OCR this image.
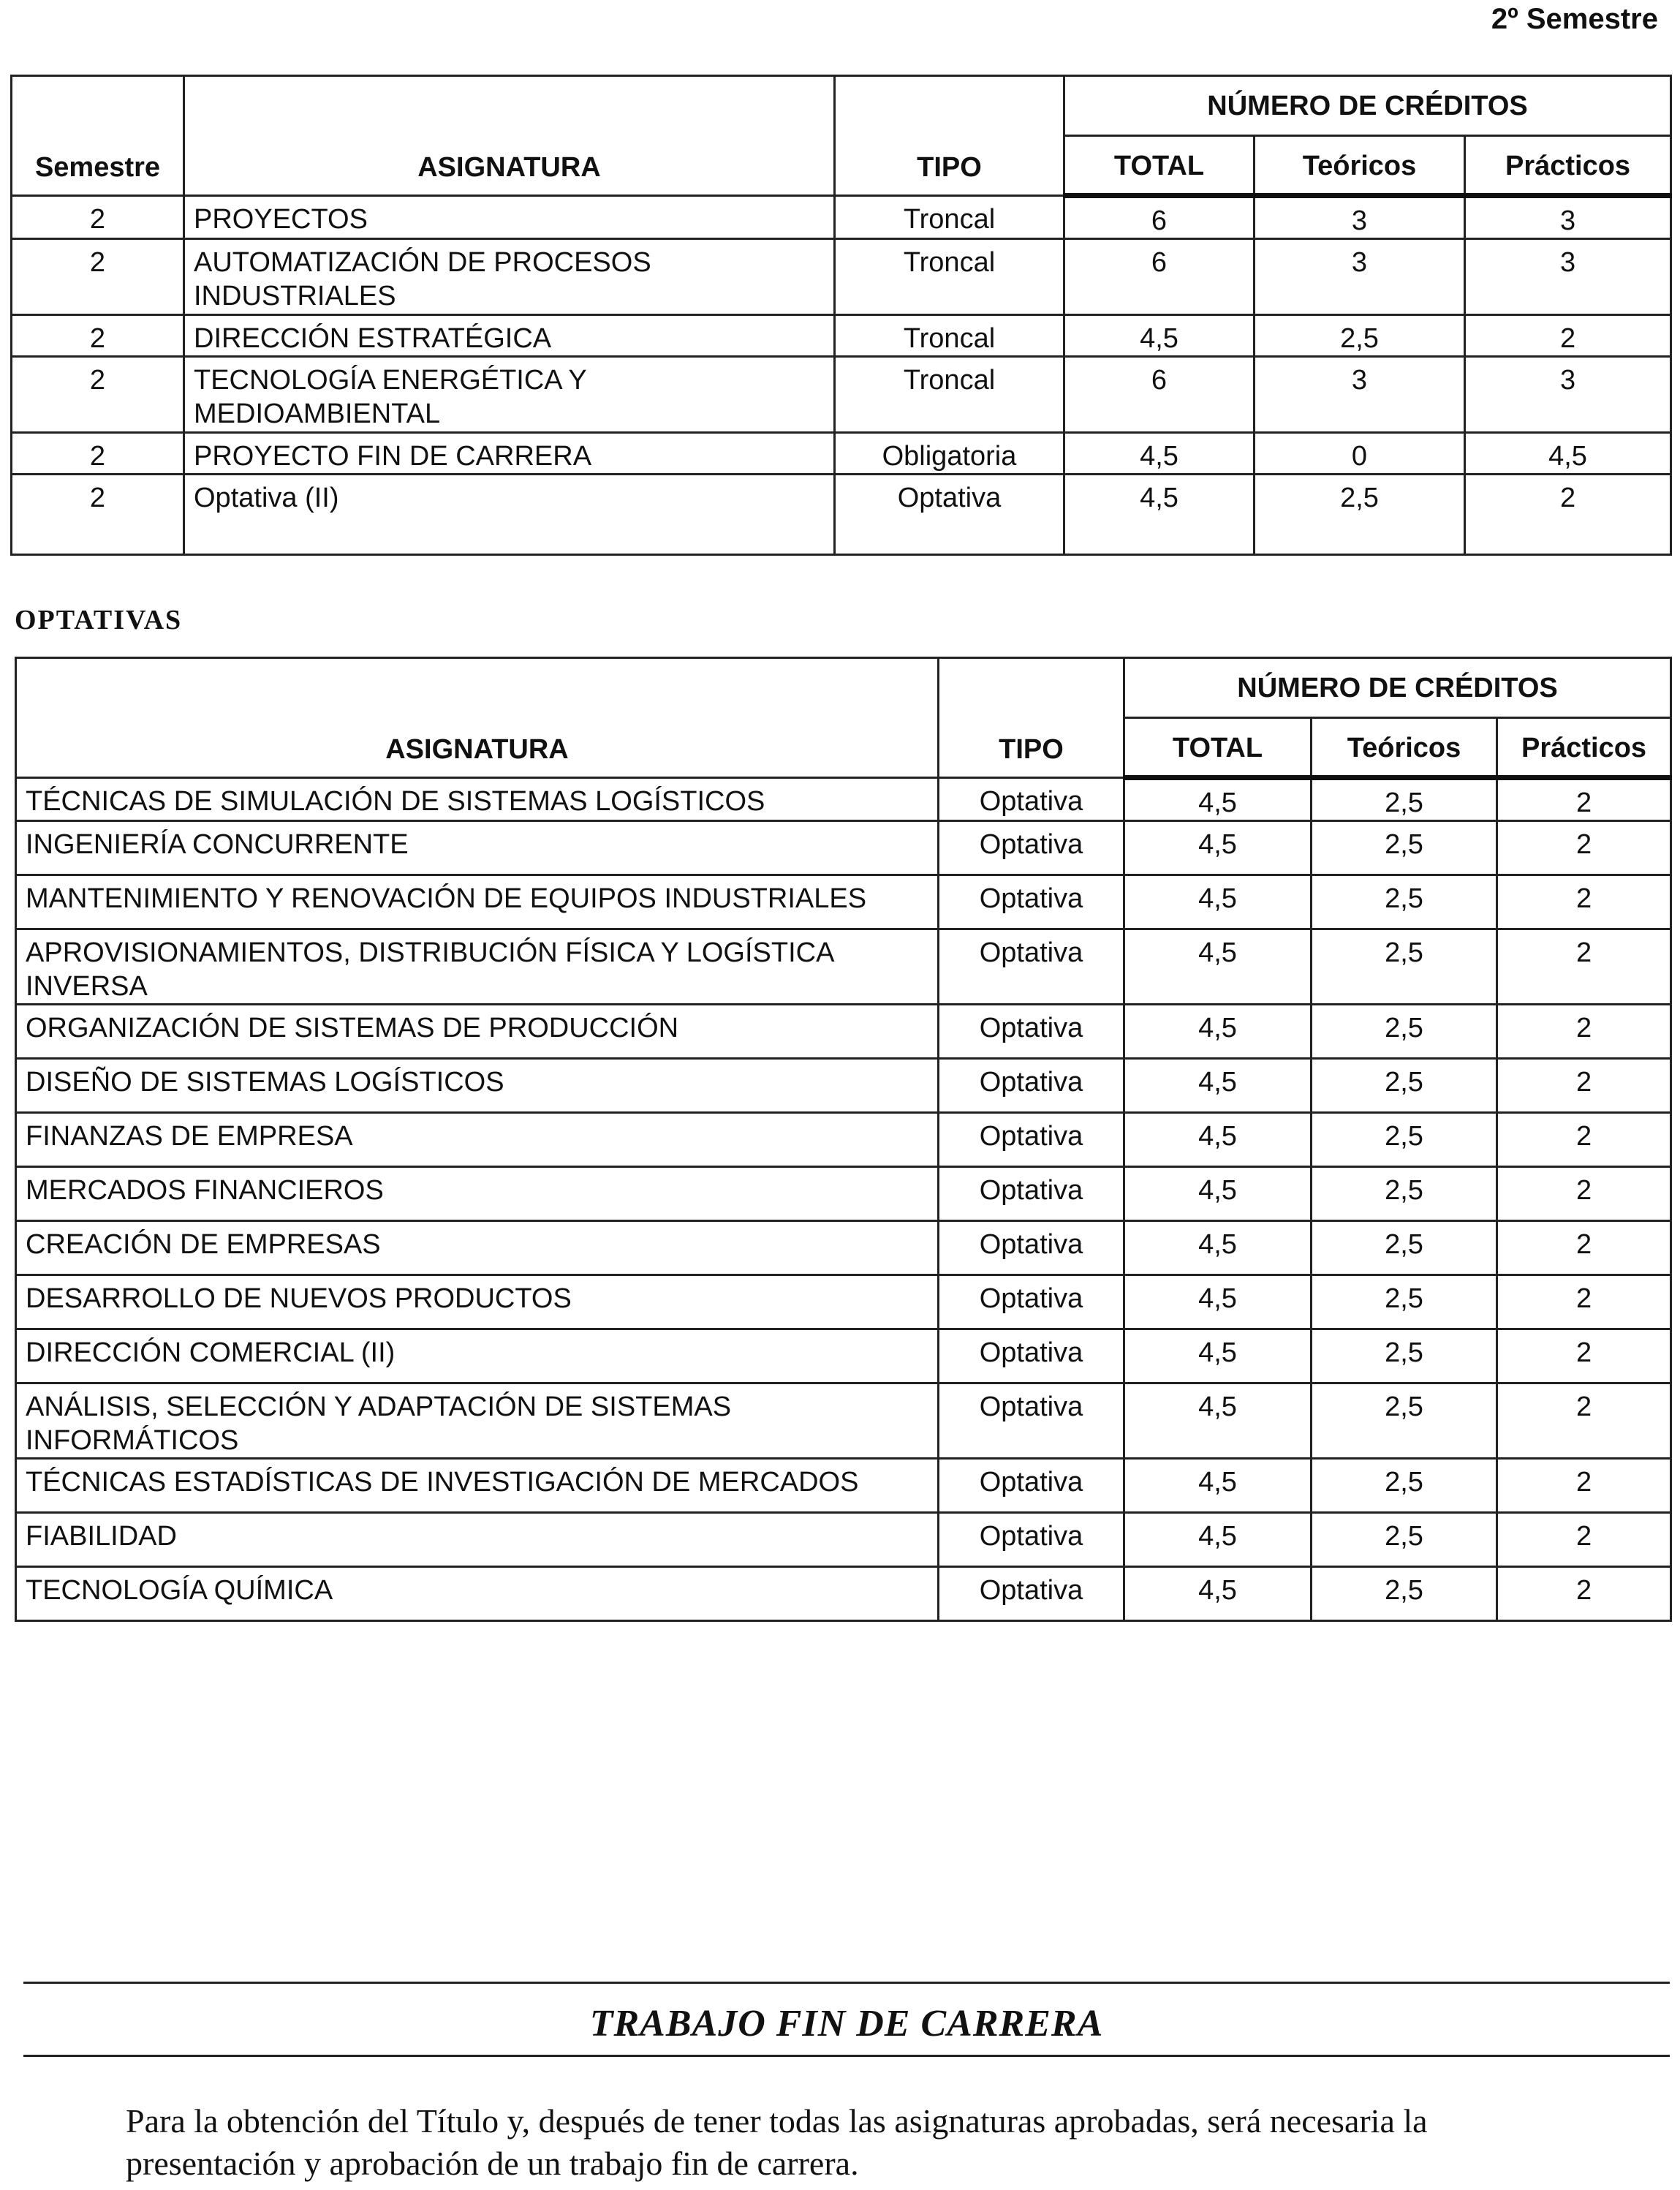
2º Semestre
Semestre	ASIGNATURA	TIPO	NÚMERO DE CRÉDITOS		
			TOTAL	Teóricos	Prácticos
2	PROYECTOS	Troncal	6	3	3
2	AUTOMATIZACIÓN DE PROCESOS INDUSTRIALES	Troncal	6	3	3
2	DIRECCIÓN ESTRATÉGICA	Troncal	4,5	2,5	2
2	TECNOLOGÍA ENERGÉTICA Y MEDIOAMBIENTAL	Troncal	6	3	3
2	PROYECTO FIN DE CARRERA	Obligatoria	4,5	0	4,5
2	Optativa (II)	Optativa	4,5	2,5	2
OPTATIVAS
ASIGNATURA	TIPO	NÚMERO DE CRÉDITOS		
		TOTAL	Teóricos	Prácticos
TÉCNICAS DE SIMULACIÓN DE SISTEMAS LOGÍSTICOS	Optativa	4,5	2,5	2
INGENIERÍA CONCURRENTE	Optativa	4,5	2,5	2
MANTENIMIENTO Y RENOVACIÓN DE EQUIPOS INDUSTRIALES	Optativa	4,5	2,5	2
APROVISIONAMIENTOS, DISTRIBUCIÓN FÍSICA Y LOGÍSTICA INVERSA	Optativa	4,5	2,5	2
ORGANIZACIÓN DE SISTEMAS DE PRODUCCIÓN	Optativa	4,5	2,5	2
DISEÑO DE SISTEMAS LOGÍSTICOS	Optativa	4,5	2,5	2
FINANZAS DE EMPRESA	Optativa	4,5	2,5	2
MERCADOS FINANCIEROS	Optativa	4,5	2,5	2
CREACIÓN DE EMPRESAS	Optativa	4,5	2,5	2
DESARROLLO DE NUEVOS PRODUCTOS	Optativa	4,5	2,5	2
DIRECCIÓN COMERCIAL (II)	Optativa	4,5	2,5	2
ANÁLISIS, SELECCIÓN Y ADAPTACIÓN DE SISTEMAS INFORMÁTICOS	Optativa	4,5	2,5	2
TÉCNICAS ESTADÍSTICAS DE INVESTIGACIÓN DE MERCADOS	Optativa	4,5	2,5	2
FIABILIDAD	Optativa	4,5	2,5	2
TECNOLOGÍA QUÍMICA	Optativa	4,5	2,5	2
TRABAJO FIN DE CARRERA
Para la obtención del Título y, después de tener todas las asignaturas aprobadas, será necesaria la presentación y aprobación de un trabajo fin de carrera.
